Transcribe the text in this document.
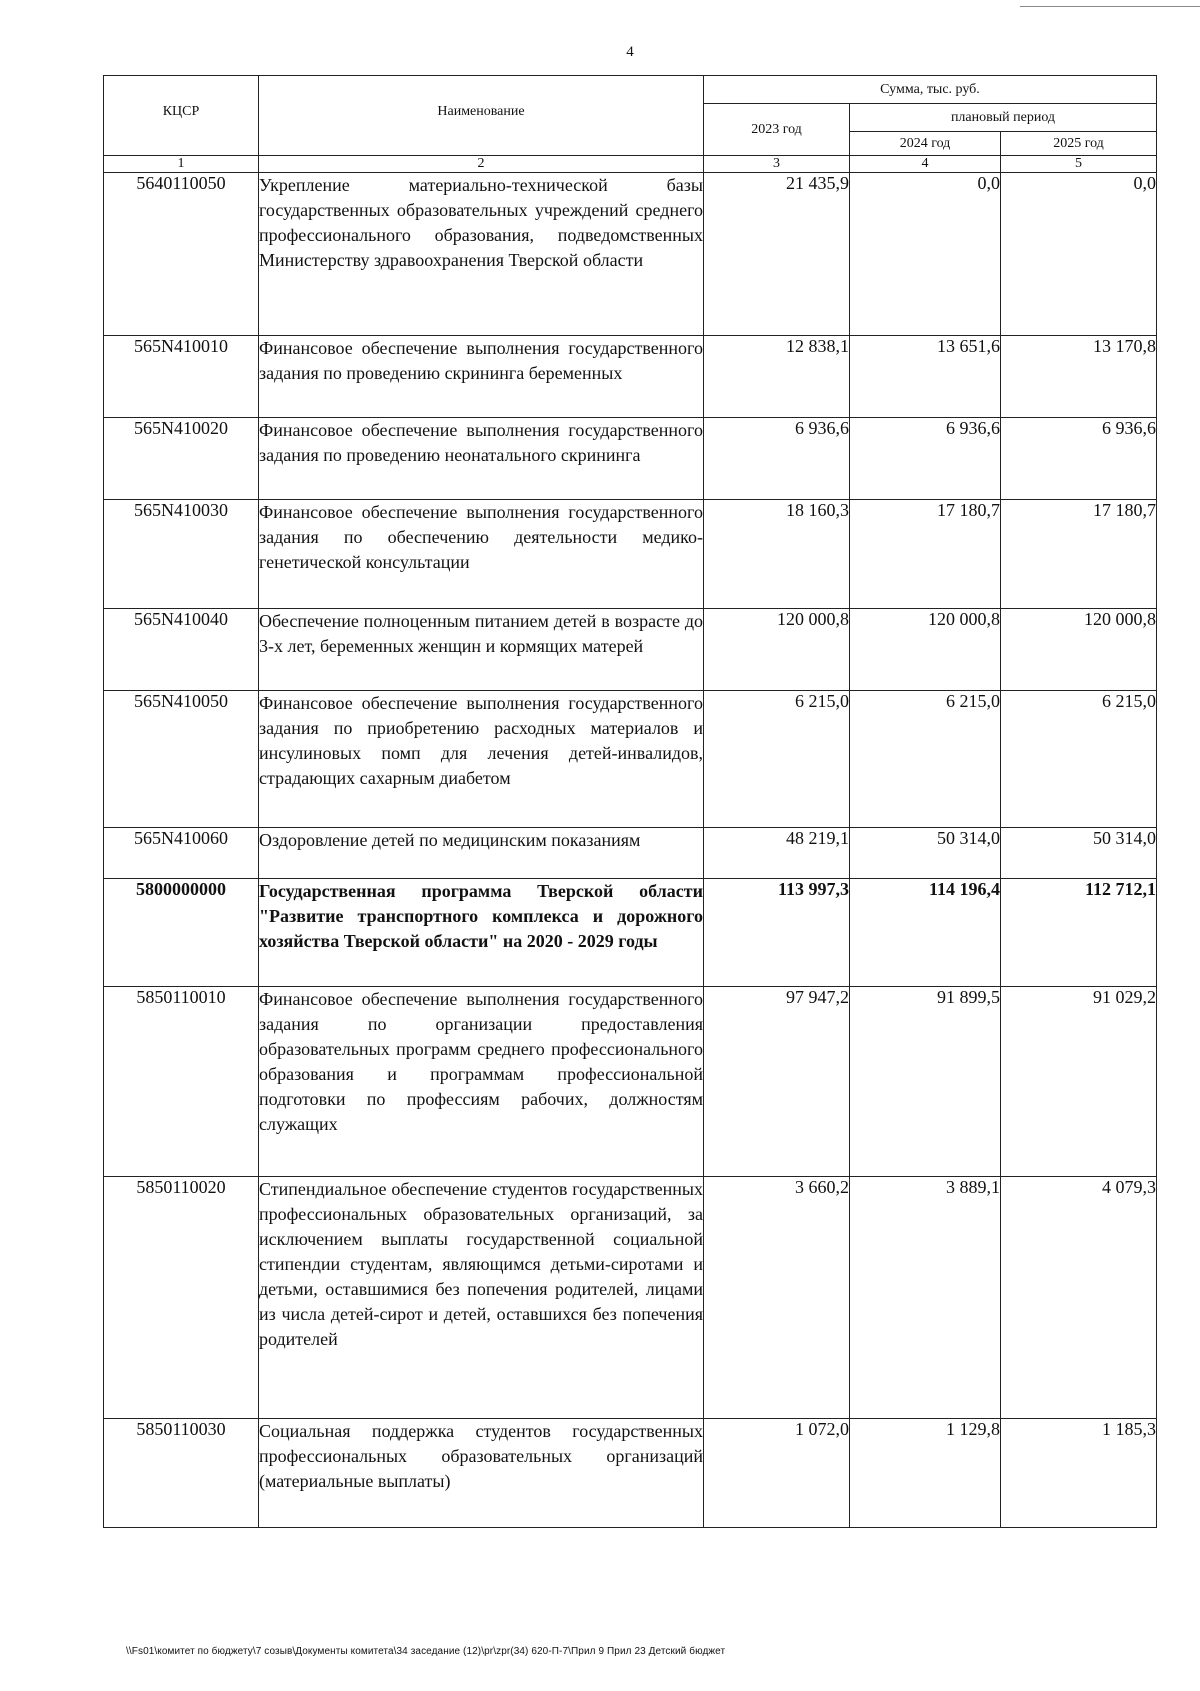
4
КЦСР	Наименование	Сумма, тыс. руб.		
		2023 год	плановый период	
			2024 год	2025 год
1	2	3	4	5
5640110050	Укрепление материально-технической базы государственных образовательных учреждений среднего профессионального образования, подведомственных Министерству здравоохранения Тверской области	21 435,9	0,0	0,0
565N410010	Финансовое обеспечение выполнения государственного задания по проведению скрининга беременных	12 838,1	13 651,6	13 170,8
565N410020	Финансовое обеспечение выполнения государственного задания по проведению неонатального скрининга	6 936,6	6 936,6	6 936,6
565N410030	Финансовое обеспечение выполнения государственного задания по обеспечению деятельности медико-генетической консультации	18 160,3	17 180,7	17 180,7
565N410040	Обеспечение полноценным питанием детей в возрасте до 3-х лет, беременных женщин и кормящих матерей	120 000,8	120 000,8	120 000,8
565N410050	Финансовое обеспечение выполнения государственного задания по приобретению расходных материалов и инсулиновых помп для лечения детей-инвалидов, страдающих сахарным диабетом	6 215,0	6 215,0	6 215,0
565N410060	Оздоровление детей по медицинским показаниям	48 219,1	50 314,0	50 314,0
5800000000	Государственная программа Тверской области "Развитие транспортного комплекса и дорожного хозяйства Тверской области" на 2020 - 2029 годы	113 997,3	114 196,4	112 712,1
5850110010	Финансовое обеспечение выполнения государственного задания по организации предоставления образовательных программ среднего профессионального образования и программам профессиональной подготовки по профессиям рабочих, должностям служащих	97 947,2	91 899,5	91 029,2
5850110020	Стипендиальное обеспечение студентов государственных профессиональных образовательных организаций, за исключением выплаты государственной социальной стипендии студентам, являющимся детьми-сиротами и детьми, оставшимися без попечения родителей, лицами из числа детей-сирот и детей, оставшихся без попечения родителей	3 660,2	3 889,1	4 079,3
5850110030	Социальная поддержка студентов государственных профессиональных образовательных организаций (материальные выплаты)	1 072,0	1 129,8	1 185,3
\\Fs01\комитет по бюджету\7 созыв\Документы комитета\34 заседание (12)\pr\zpr(34) 620-П-7\Прил 9 Прил 23 Детский бюджет
